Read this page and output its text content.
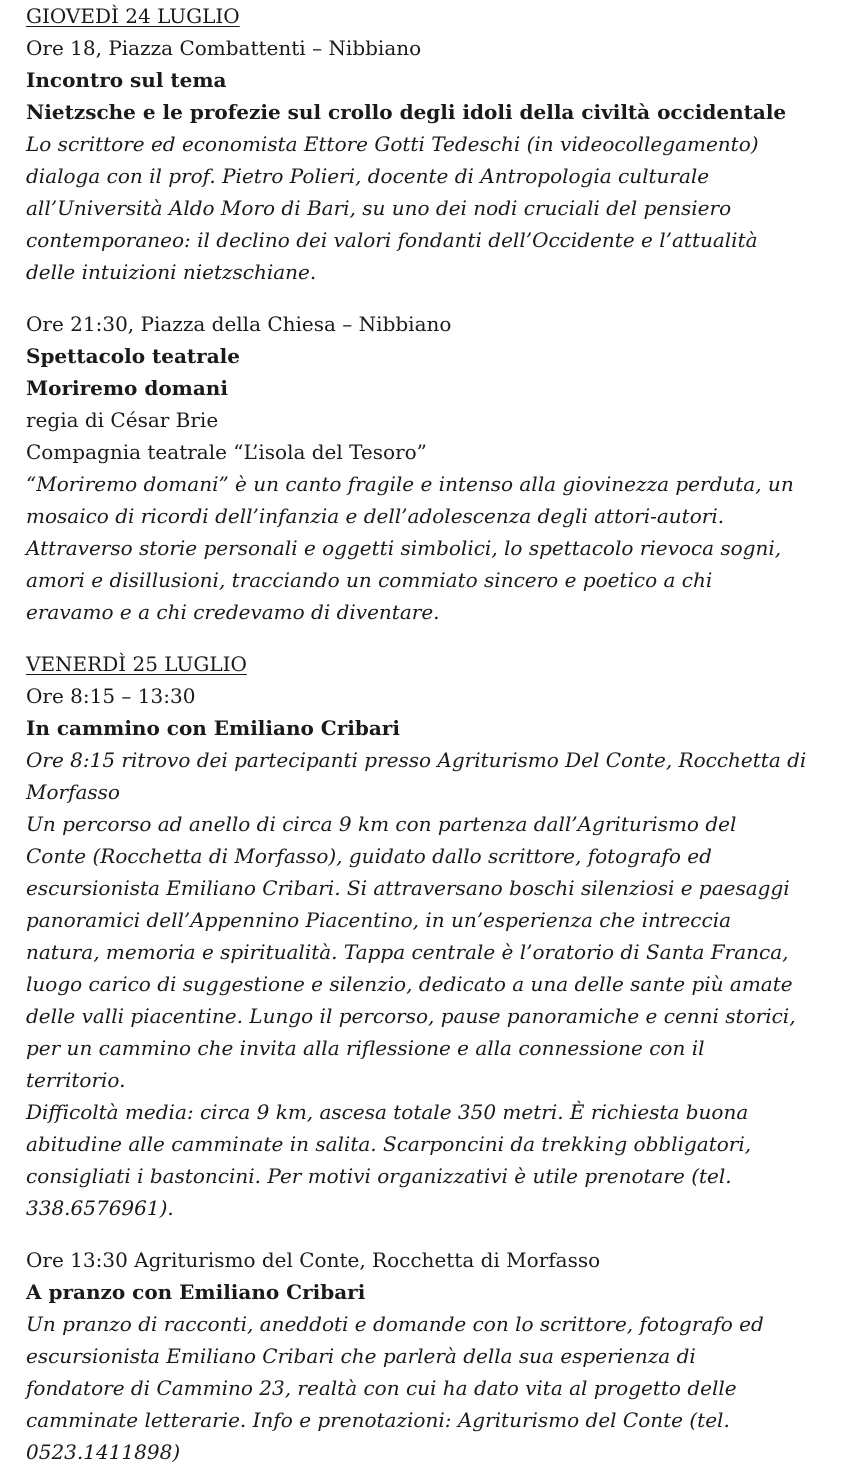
GIOVEDÌ 24 LUGLIO
Ore 18, Piazza Combattenti – Nibbiano
Incontro sul tema
Nietzsche e le profezie sul crollo degli idoli della civiltà occidentale
Lo scrittore ed economista Ettore Gotti Tedeschi (in videocollegamento)
dialoga con il prof. Pietro Polieri, docente di Antropologia culturale
all’Università Aldo Moro di Bari, su uno dei nodi cruciali del pensiero
contemporaneo: il declino dei valori fondanti dell’Occidente e l’attualità
delle intuizioni nietzschiane.
Ore 21:30, Piazza della Chiesa – Nibbiano
Spettacolo teatrale
Moriremo domani
regia di César Brie
Compagnia teatrale “L’isola del Tesoro”
“Moriremo domani” è un canto fragile e intenso alla giovinezza perduta, un
mosaico di ricordi dell’infanzia e dell’adolescenza degli attori-autori.
Attraverso storie personali e oggetti simbolici, lo spettacolo rievoca sogni,
amori e disillusioni, tracciando un commiato sincero e poetico a chi
eravamo e a chi credevamo di diventare.
VENERDÌ 25 LUGLIO
Ore 8:15 – 13:30
In cammino con Emiliano Cribari
Ore 8:15 ritrovo dei partecipanti presso Agriturismo Del Conte, Rocchetta di
Morfasso
Un percorso ad anello di circa 9 km con partenza dall’Agriturismo del
Conte (Rocchetta di Morfasso), guidato dallo scrittore, fotografo ed
escursionista Emiliano Cribari. Si attraversano boschi silenziosi e paesaggi
panoramici dell’Appennino Piacentino, in un’esperienza che intreccia
natura, memoria e spiritualità. Tappa centrale è l’oratorio di Santa Franca,
luogo carico di suggestione e silenzio, dedicato a una delle sante più amate
delle valli piacentine. Lungo il percorso, pause panoramiche e cenni storici,
per un cammino che invita alla riflessione e alla connessione con il
territorio.
Difficoltà media: circa 9 km, ascesa totale 350 metri. È richiesta buona
abitudine alle camminate in salita. Scarponcini da trekking obbligatori,
consigliati i bastoncini. Per motivi organizzativi è utile prenotare (tel.
338.6576961).
Ore 13:30 Agriturismo del Conte, Rocchetta di Morfasso
A pranzo con Emiliano Cribari
Un pranzo di racconti, aneddoti e domande con lo scrittore, fotografo ed
escursionista Emiliano Cribari che parlerà della sua esperienza di
fondatore di Cammino 23, realtà con cui ha dato vita al progetto delle
camminate letterarie. Info e prenotazioni: Agriturismo del Conte (tel.
0523.1411898)
